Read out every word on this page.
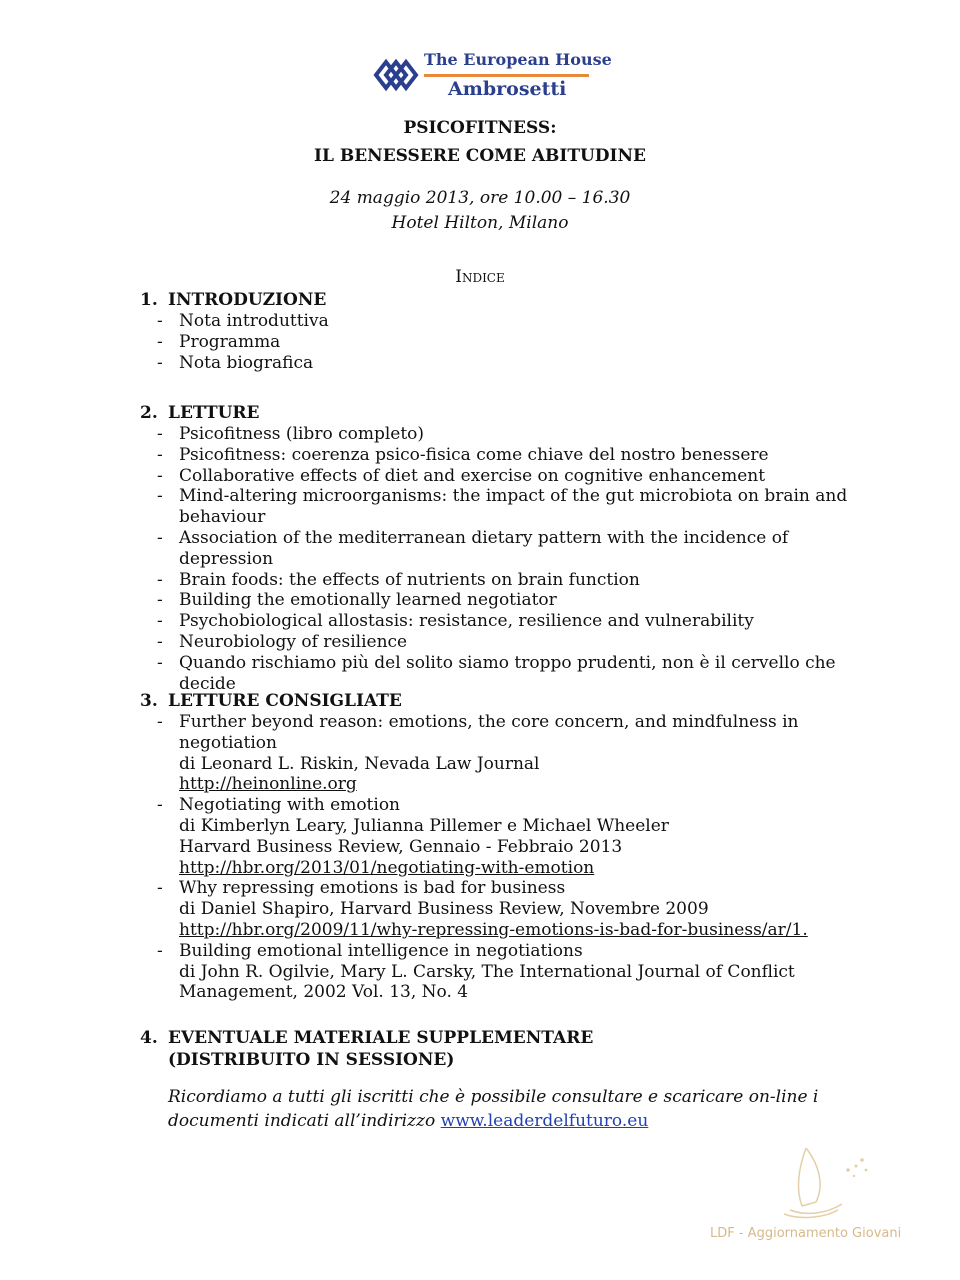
The European House
Ambrosetti
PSICOFITNESS:
IL BENESSERE COME ABITUDINE
24 maggio 2013, ore 10.00 – 16.30
Hotel Hilton, Milano
Indice
1. INTRODUZIONE
- Nota introduttiva
- Programma
- Nota biografica
2. LETTURE
- Psicofitness (libro completo)
- Psicofitness: coerenza psico-fisica come chiave del nostro benessere
- Collaborative effects of diet and exercise on cognitive enhancement
- Mind-altering microorganisms: the impact of the gut microbiota on brain and
behaviour
- Association of the mediterranean dietary pattern with the incidence of depression
- Brain foods: the effects of nutrients on brain function
- Building the emotionally learned negotiator
- Psychobiological allostasis: resistance, resilience and vulnerability
- Neurobiology of resilience
- Quando rischiamo più del solito siamo troppo prudenti, non è il cervello che decide
3. LETTURE CONSIGLIATE
- Further beyond reason: emotions, the core concern, and mindfulness in
negotiation
di Leonard L. Riskin, Nevada Law Journal
http://heinonline.org
- Negotiating with emotion
di Kimberlyn Leary, Julianna Pillemer e Michael Wheeler
Harvard Business Review, Gennaio - Febbraio 2013
http://hbr.org/2013/01/negotiating-with-emotion
- Why repressing emotions is bad for business
di Daniel Shapiro, Harvard Business Review, Novembre 2009
http://hbr.org/2009/11/why-repressing-emotions-is-bad-for-business/ar/1.
- Building emotional intelligence in negotiations
di John R. Ogilvie, Mary L. Carsky, The International Journal of Conflict
Management, 2002 Vol. 13, No. 4
4. EVENTUALE MATERIALE SUPPLEMENTARE
(DISTRIBUITO IN SESSIONE)
Ricordiamo a tutti gli iscritti che è possibile consultare e scaricare on-line i
documenti indicati all’indirizzo www.leaderdelfuturo.eu
LDF - Aggiornamento Giovani
